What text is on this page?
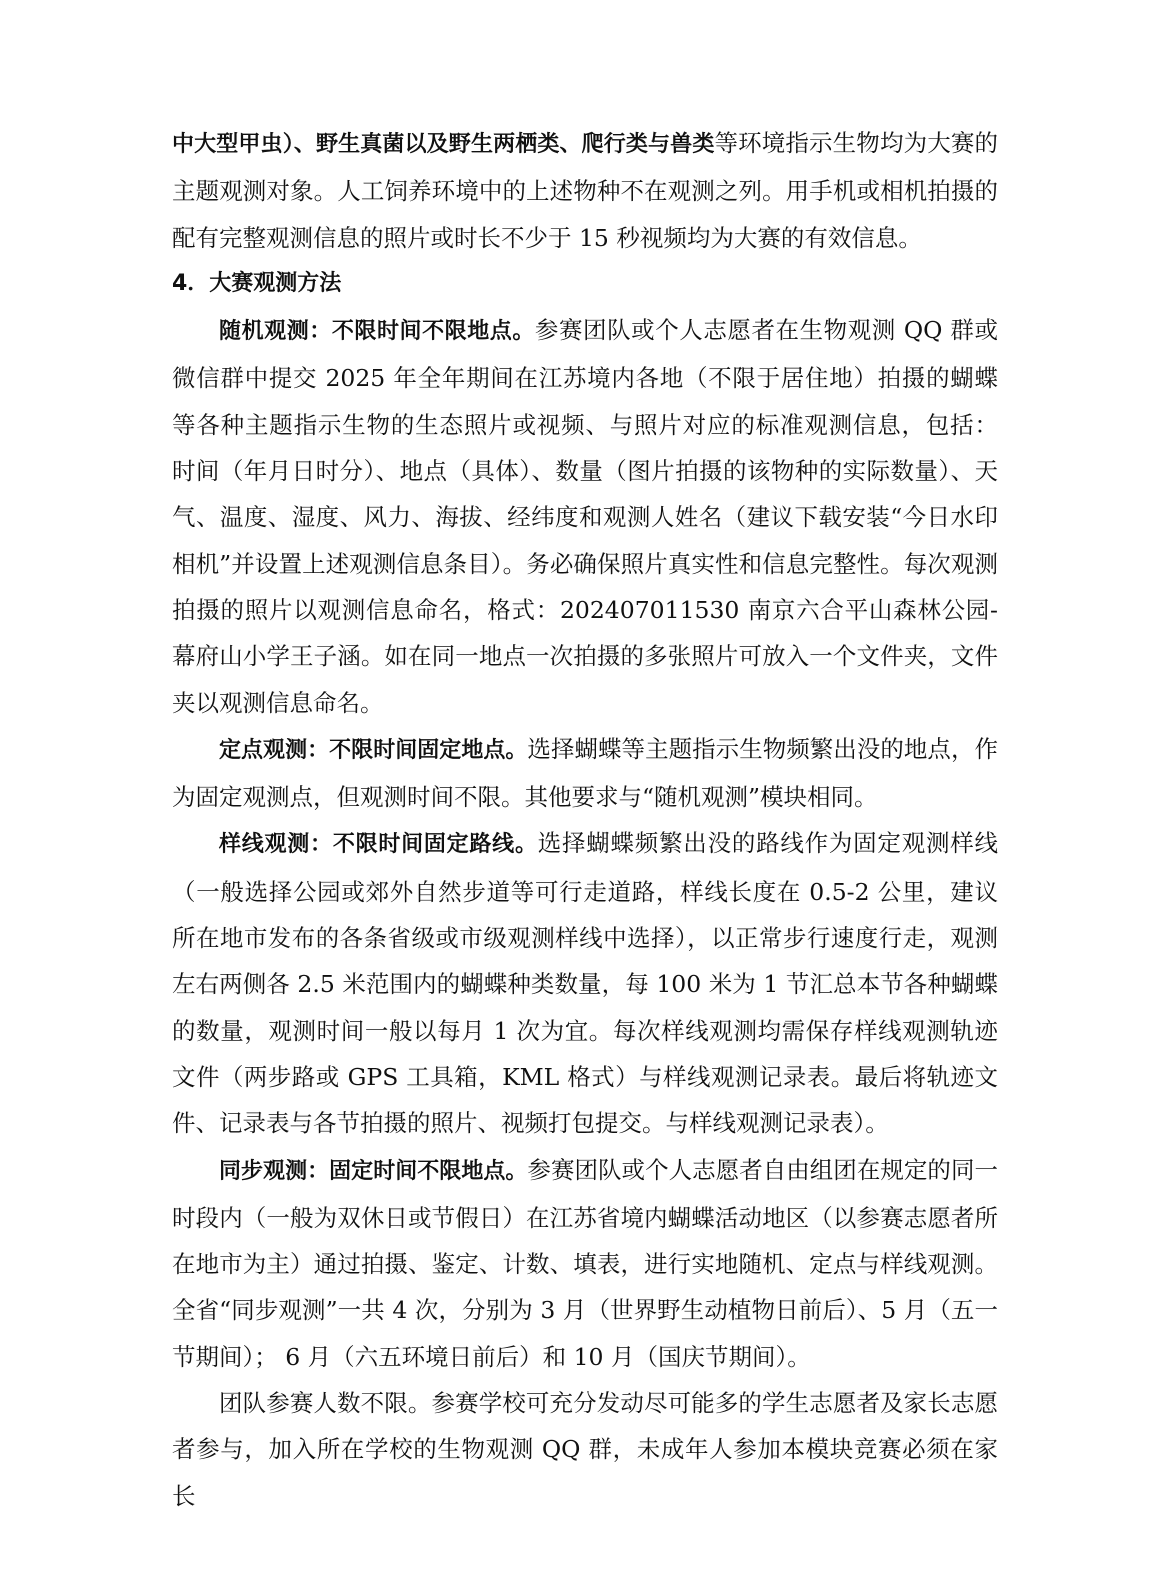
中大型甲虫）、野生真菌以及野生两栖类、爬行类与兽类等环境指示生物均为大赛的主题观测对象。人工饲养环境中的上述物种不在观测之列。用手机或相机拍摄的配有完整观测信息的照片或时长不少于 15 秒视频均为大赛的有效信息。

4．大赛观测方法

随机观测：不限时间不限地点。参赛团队或个人志愿者在生物观测 QQ 群或微信群中提交 2025 年全年期间在江苏境内各地（不限于居住地）拍摄的蝴蝶等各种主题指示生物的生态照片或视频、与照片对应的标准观测信息，包括： 时间（年月日时分）、地点（具体）、数量（图片拍摄的该物种的实际数量）、天气、温度、湿度、风力、海拔、经纬度和观测人姓名（建议下载安装“今日水印相机”并设置上述观测信息条目）。务必确保照片真实性和信息完整性。每次观测拍摄的照片以观测信息命名，格式：202407011530 南京六合平山森林公园-幕府山小学王子涵。如在同一地点一次拍摄的多张照片可放入一个文件夹，文件夹以观测信息命名。

定点观测：不限时间固定地点。选择蝴蝶等主题指示生物频繁出没的地点，作为固定观测点，但观测时间不限。其他要求与“随机观测”模块相同。

样线观测：不限时间固定路线。选择蝴蝶频繁出没的路线作为固定观测样线（一般选择公园或郊外自然步道等可行走道路，样线长度在 0.5-2 公里，建议所在地市发布的各条省级或市级观测样线中选择），以正常步行速度行走，观测左右两侧各 2.5 米范围内的蝴蝶种类数量，每 100 米为 1 节汇总本节各种蝴蝶的数量，观测时间一般以每月 1 次为宜。每次样线观测均需保存样线观测轨迹文件（两步路或 GPS 工具箱，KML 格式）与样线观测记录表。最后将轨迹文件、记录表与各节拍摄的照片、视频打包提交。与样线观测记录表）。

同步观测：固定时间不限地点。参赛团队或个人志愿者自由组团在规定的同一时段内（一般为双休日或节假日）在江苏省境内蝴蝶活动地区（以参赛志愿者所在地市为主）通过拍摄、鉴定、计数、填表，进行实地随机、定点与样线观测。全省“同步观测”一共 4 次，分别为 3 月（世界野生动植物日前后）、5 月（五一节期间）； 6 月（六五环境日前后）和 10 月（国庆节期间）。

团队参赛人数不限。参赛学校可充分发动尽可能多的学生志愿者及家长志愿者参与，加入所在学校的生物观测 QQ 群，未成年人参加本模块竞赛必须在家长
